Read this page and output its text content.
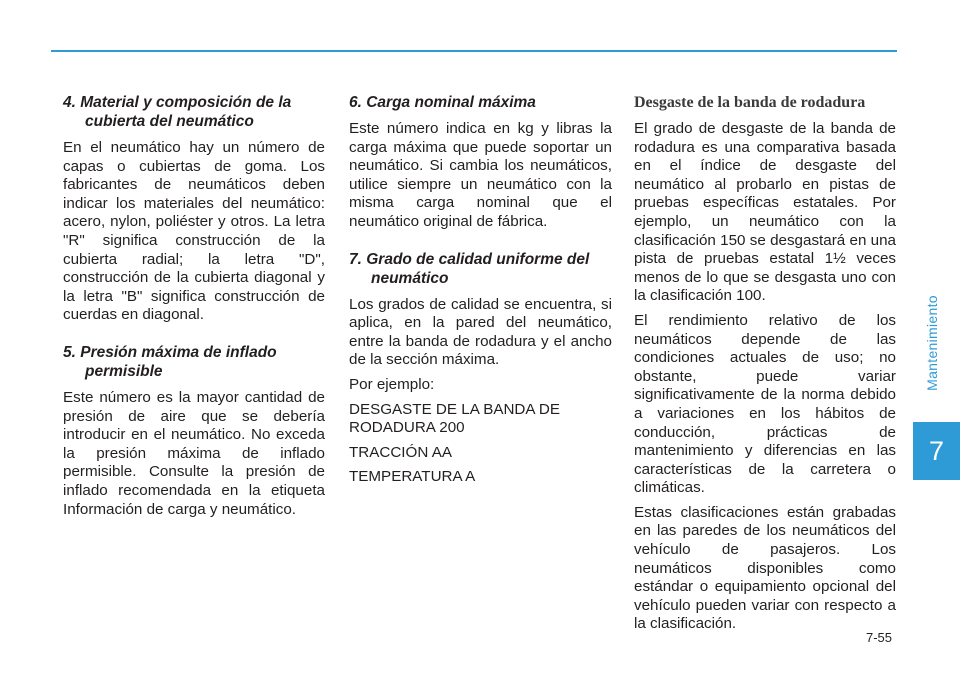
4. Material y composición de la cubierta del neumático

En el neumático hay un número de capas o cubiertas de goma. Los fabricantes de neumáticos deben indicar los materiales del neumático: acero, nylon, poliéster y otros. La letra "R" significa construcción de la cubierta radial; la letra "D", construcción de la cubierta diagonal y la letra "B" significa construcción de cuerdas en diagonal.

5. Presión máxima de inflado permisible

Este número es la mayor cantidad de presión de aire que se debería introducir en el neumático. No exceda la presión máxima de inflado permisible. Consulte la presión de inflado recomendada en la etiqueta Información de carga y neumático.

6. Carga nominal máxima

Este número indica en kg y libras la carga máxima que puede soportar un neumático. Si cambia los neumáticos, utilice siempre un neumático con la misma carga nominal que el neumático original de fábrica.

7. Grado de calidad uniforme del neumático

Los grados de calidad se encuentra, si aplica, en la pared del neumático, entre la banda de rodadura y el ancho de la sección máxima.

Por ejemplo:

DESGASTE DE LA BANDA DE RODADURA 200

TRACCIÓN AA

TEMPERATURA A

Desgaste de la banda de rodadura

El grado de desgaste de la banda de rodadura es una comparativa basada en el índice de desgaste del neumático al probarlo en pistas de pruebas específicas estatales. Por ejemplo, un neumático con la clasificación 150 se desgastará en una pista de pruebas estatal 1½ veces menos de lo que se desgasta uno con la clasificación 100.

El rendimiento relativo de los neumáticos depende de las condiciones actuales de uso; no obstante, puede variar significativamente de la norma debido a variaciones en los hábitos de conducción, prácticas de mantenimiento y diferencias en las características de la carretera o climáticas.

Estas clasificaciones están grabadas en las paredes de los neumáticos del vehículo de pasajeros. Los neumáticos disponibles como estándar o equipamiento opcional del vehículo pueden variar con respecto a la clasificación.

Mantenimiento
7
7-55
